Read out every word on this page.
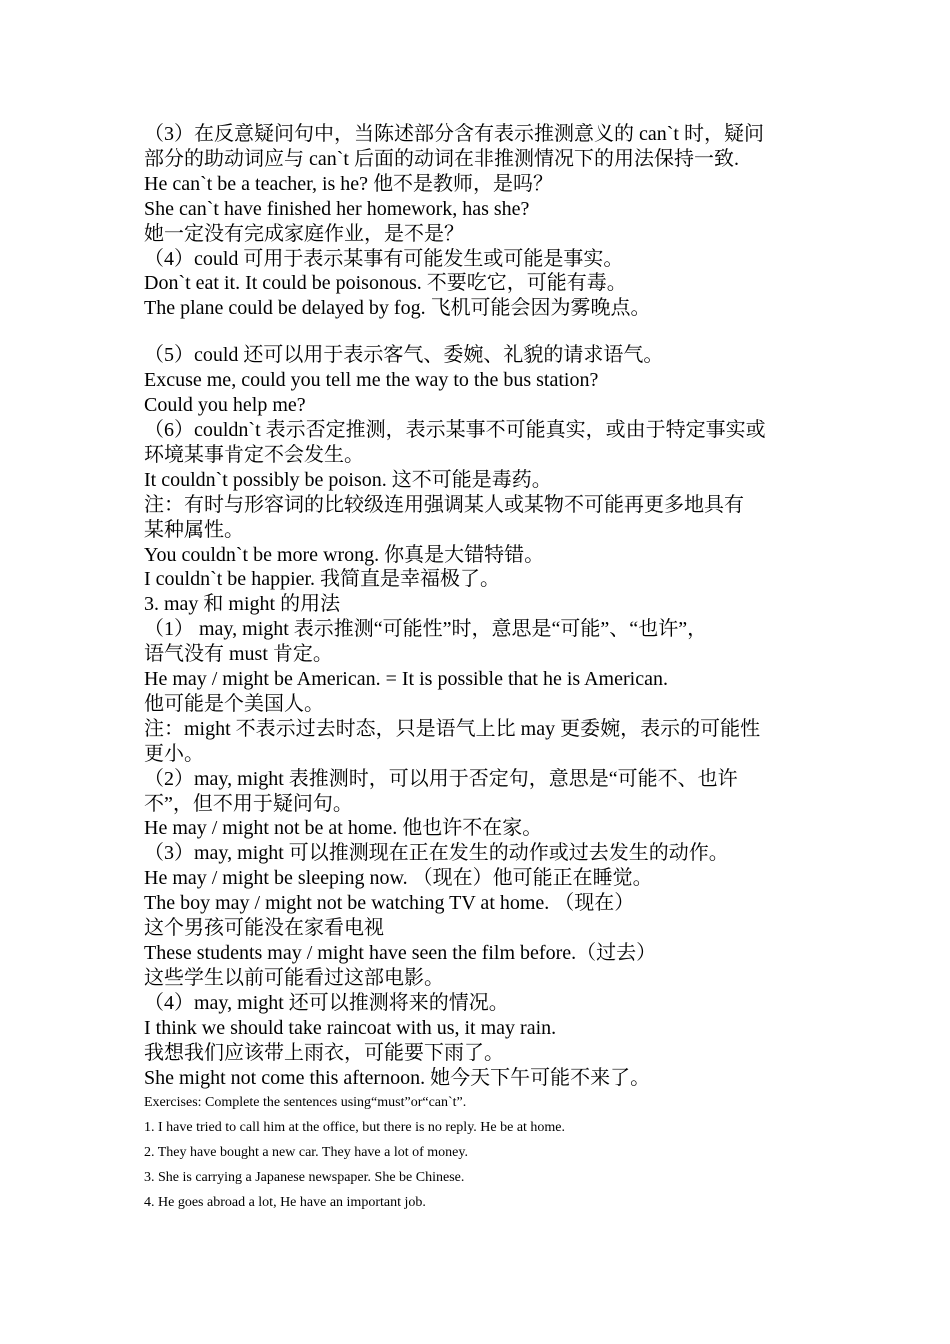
（3）在反意疑问句中，当陈述部分含有表示推测意义的 can`t 时，疑问
部分的助动词应与 can`t 后面的动词在非推测情况下的用法保持一致.
He can`t be a teacher, is he? 他不是教师，是吗？
She can`t have finished her homework, has she?
她一定没有完成家庭作业，是不是？
（4）could 可用于表示某事有可能发生或可能是事实。
Don`t eat it. It could be poisonous. 不要吃它，可能有毒。
The plane could be delayed by fog. 飞机可能会因为雾晚点。
（5）could 还可以用于表示客气、委婉、礼貌的请求语气。
Excuse me, could you tell me the way to the bus station?
Could you help me?
（6）couldn`t 表示否定推测，表示某事不可能真实，或由于特定事实或
环境某事肯定不会发生。
It couldn`t possibly be poison. 这不可能是毒药。
注：有时与形容词的比较级连用强调某人或某物不可能再更多地具有
某种属性。
You couldn`t be more wrong. 你真是大错特错。
I couldn`t be happier. 我简直是幸福极了。
3. may 和 might 的用法
（1） may, might 表示推测“可能性”时，意思是“可能”、“也许”，
语气没有 must 肯定。
He may / might be American. = It is possible that he is American.
他可能是个美国人。
注：might 不表示过去时态，只是语气上比 may 更委婉，表示的可能性
更小。
（2）may, might 表推测时，可以用于否定句，意思是“可能不、也许
不”，但不用于疑问句。
He may / might not be at home. 他也许不在家。
（3）may, might 可以推测现在正在发生的动作或过去发生的动作。
He may / might be sleeping now. （现在）他可能正在睡觉。
The boy may / might not be watching TV at home. （现在）
这个男孩可能没在家看电视
These students may / might have seen the film before.（过去）
这些学生以前可能看过这部电影。
（4）may, might 还可以推测将来的情况。
I think we should take raincoat with us, it may rain.
我想我们应该带上雨衣，可能要下雨了。
She might not come this afternoon. 她今天下午可能不来了。
Exercises: Complete the sentences using“must”or“can`t”.
1. I have tried to call him at the office, but there is no reply. He be at home.
2. They have bought a new car. They have a lot of money.
3. She is carrying a Japanese newspaper. She be Chinese.
4. He goes abroad a lot, He have an important job.
